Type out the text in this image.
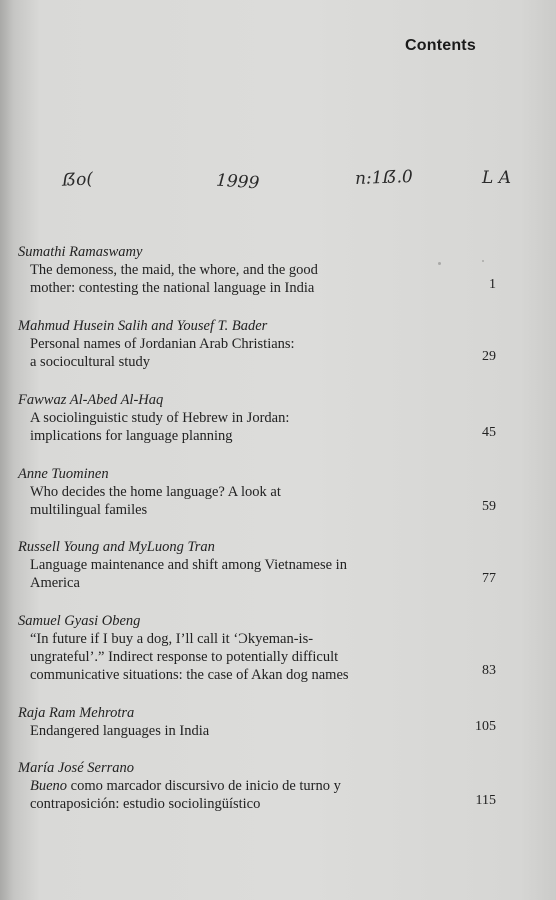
Contents
ẞο(	1999	n:1ẞ.0	L A
Sumathi Ramaswamy
The demoness, the maid, the whore, and the good
mother: contesting the national language in India	1
Mahmud Husein Salih and Yousef T. Bader
Personal names of Jordanian Arab Christians:
a sociocultural study	29
Fawwaz Al-Abed Al-Haq
A sociolinguistic study of Hebrew in Jordan:
implications for language planning	45
Anne Tuominen
Who decides the home language? A look at
multilingual familes	59
Russell Young and MyLuong Tran
Language maintenance and shift among Vietnamese in
America	77
Samuel Gyasi Obeng
“In future if I buy a dog, I’ll call it ‘Ɔkyeman-is-
ungrateful’.” Indirect response to potentially difficult
communicative situations: the case of Akan dog names	83
Raja Ram Mehrotra
Endangered languages in India	105
María José Serrano
Bueno como marcador discursivo de inicio de turno y
contraposición: estudio sociolingüístico	115
